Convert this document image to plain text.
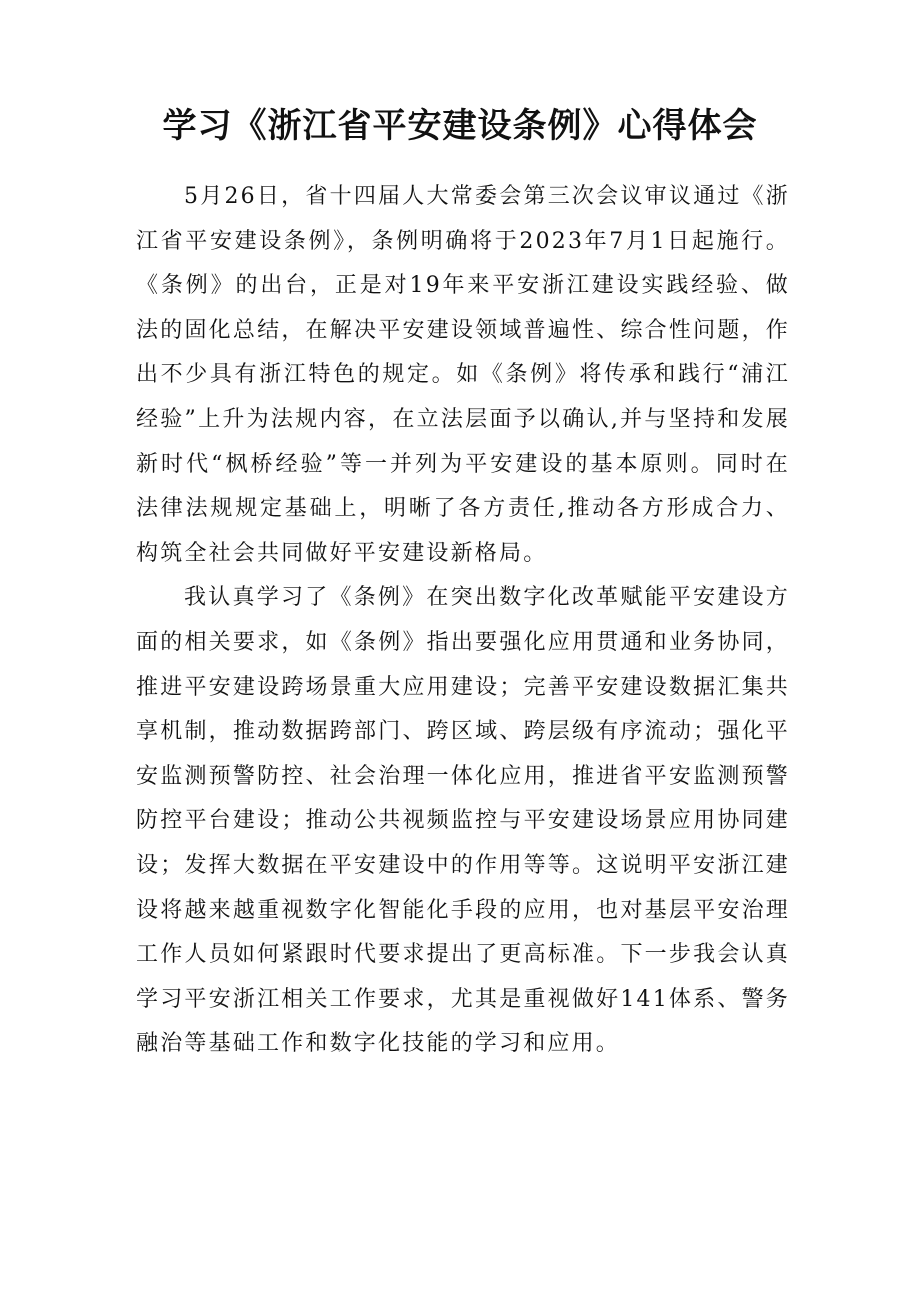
学习《浙江省平安建设条例》心得体会

5月26日，省十四届人大常委会第三次会议审议通过《浙江省平安建设条例》，条例明确将于2023年7月1日起施行。《条例》的出台，正是对19年来平安浙江建设实践经验、做法的固化总结，在解决平安建设领域普遍性、综合性问题，作出不少具有浙江特色的规定。如《条例》将传承和践行“浦江经验”上升为法规内容，在立法层面予以确认,并与坚持和发展新时代“枫桥经验”等一并列为平安建设的基本原则。同时在法律法规规定基础上，明晰了各方责任,推动各方形成合力、构筑全社会共同做好平安建设新格局。

我认真学习了《条例》在突出数字化改革赋能平安建设方面的相关要求，如《条例》指出要强化应用贯通和业务协同，推进平安建设跨场景重大应用建设；完善平安建设数据汇集共享机制，推动数据跨部门、跨区域、跨层级有序流动；强化平安监测预警防控、社会治理一体化应用，推进省平安监测预警防控平台建设；推动公共视频监控与平安建设场景应用协同建设；发挥大数据在平安建设中的作用等等。这说明平安浙江建设将越来越重视数字化智能化手段的应用，也对基层平安治理工作人员如何紧跟时代要求提出了更高标准。下一步我会认真学习平安浙江相关工作要求，尤其是重视做好141体系、警务融治等基础工作和数字化技能的学习和应用。
